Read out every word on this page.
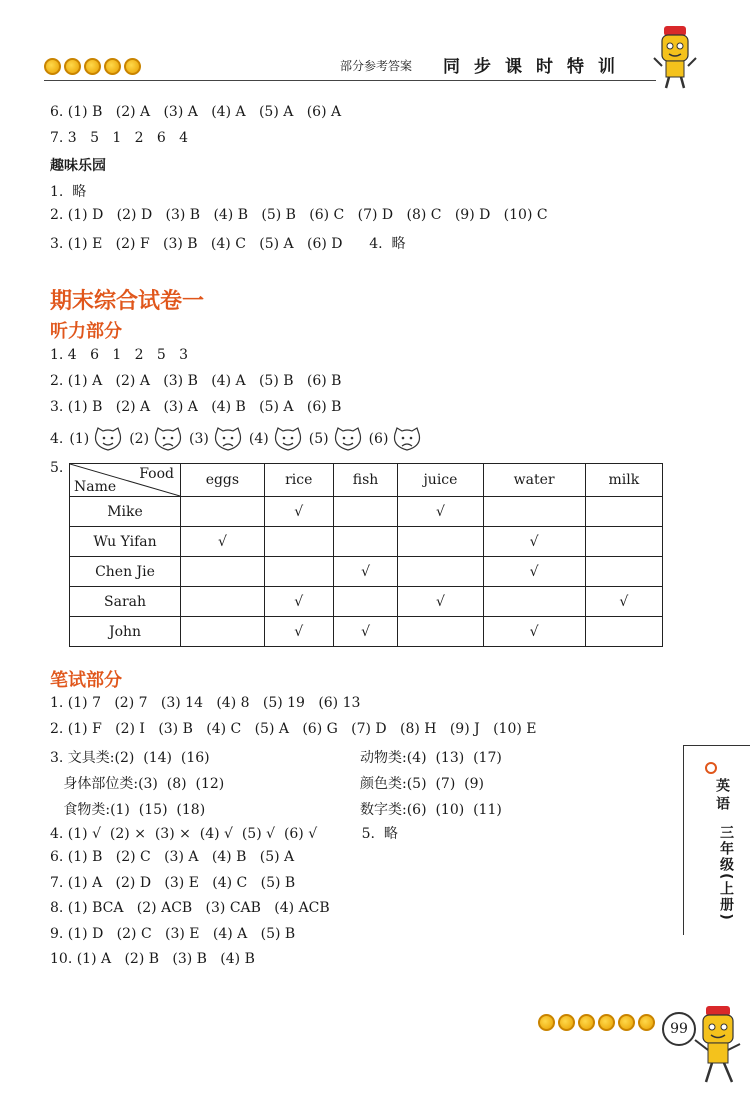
部分参考答案 同步课时特训
6. (1) B   (2) A   (3) A   (4) A   (5) A   (6) A
7. 3   5   1   2   6   4
趣味乐园
1.  略
2. (1) D   (2) D   (3) B   (4) B   (5) B   (6) C   (7) D   (8) C   (9) D   (10) C
3. (1) E   (2) F   (3) B   (4) C   (5) A   (6) D      4.  略
期末综合试卷一
听力部分
1. 4   6   1   2   5   3
2. (1) A   (2) A   (3) B   (4) A   (5) B   (6) B
3. (1) B   (2) A   (3) A   (4) B   (5) A   (6) B
4. (1)	(2)	(3)	(4)	(5)	(6)
5.	Food
Name	eggs	rice	fish	juice	water	milk
Mike		√		√		
Wu Yifan	√				√	
Chen Jie			√		√	
Sarah		√		√		√
John		√	√		√	
笔试部分
1. (1) 7   (2) 7   (3) 14   (4) 8   (5) 19   (6) 13
2. (1) F   (2) I   (3) B   (4) C   (5) A   (6) G   (7) D   (8) H   (9) J   (10) E
3. 文具类:(2)  (14)  (16)	动物类:(4)  (13)  (17)
身体部位类:(3)  (8)  (12)	颜色类:(5)  (7)  (9)
食物类:(1)  (15)  (18)	数字类:(6)  (10)  (11)
4. (1) √  (2) ×  (3) ×  (4) √  (5) √  (6) √          5.  略
6. (1) B   (2) C   (3) A   (4) B   (5) A
7. (1) A   (2) D   (3) E   (4) C   (5) B
8. (1) BCA   (2) ACB   (3) CAB   (4) ACB
9. (1) D   (2) C   (3) E   (4) A   (5) B
10. (1) A   (2) B   (3) B   (4) B
英语
三年级(上册)
99
